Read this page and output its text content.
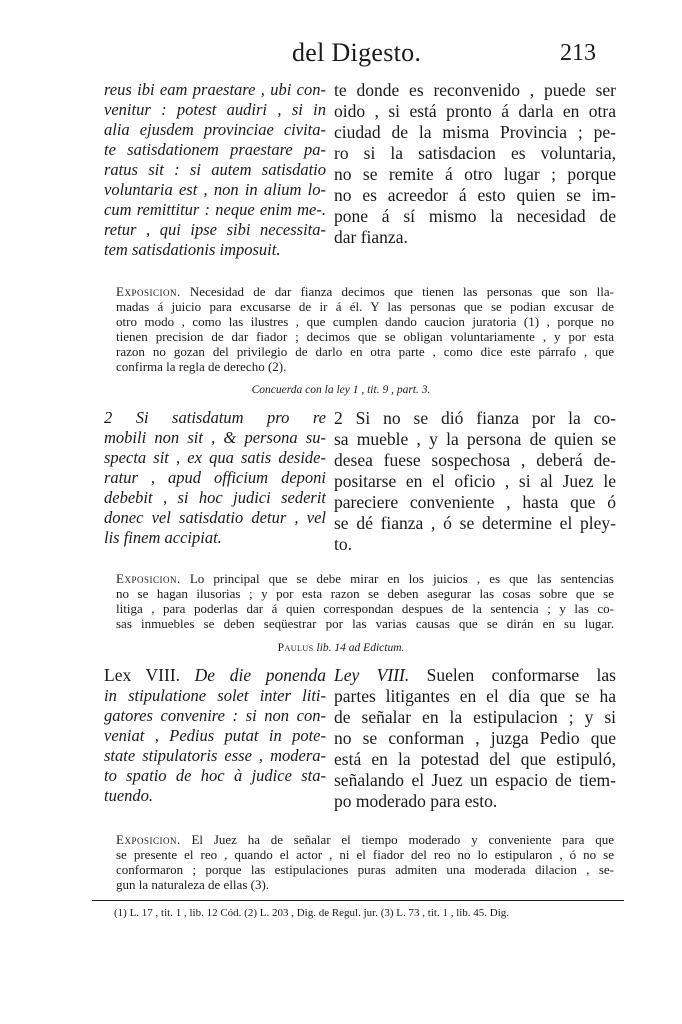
del Digesto.	213
reus ibi eam praestare , ubi con-
venitur : potest audiri , si in
alia ejusdem provinciae civita-
te satisdationem praestare pa-
ratus sit : si autem satisdatio
voluntaria est , non in alium lo-
cum remittitur : neque enim me-.
retur , qui ipse sibi necessita-
tem satisdationis imposuit.
te donde es reconvenido , puede ser
oido , si está pronto á darla en otra
ciudad de la misma Provincia ; pe-
ro si la satisdacion es voluntaria,
no se remite á otro lugar ; porque
no es acreedor á esto quien se im-
pone á sí mismo la necesidad de
dar fianza.
Exposicion. Necesidad de dar fianza decimos que tienen las personas que son lla-
madas á juicio para excusarse de ir á él. Y las personas que se podian excusar de
otro modo , como las ilustres , que cumplen dando caucion juratoria (1) , porque no
tienen precision de dar fiador ; decimos que se obligan voluntariamente , y por esta
razon no gozan del privilegio de darlo en otra parte , como dice este párrafo , que
confirma la regla de derecho (2).
Concuerda con la ley 1 , tit. 9 , part. 3.
2 Si satisdatum pro re
mobili non sit , & persona su-
specta sit , ex qua satis deside-
ratur , apud officium deponi
debebit , si hoc judici sederit
donec vel satisdatio detur , vel
lis finem accipiat.
2 Si no se dió fianza por la co-
sa mueble , y la persona de quien se
desea fuese sospechosa , deberá de-
positarse en el oficio , si al Juez le
pareciere conveniente , hasta que ó
se dé fianza , ó se determine el pley-
to.
Exposicion. Lo principal que se debe mirar en los juicios , es que las sentencias
no se hagan ilusorias ; y por esta razon se deben asegurar las cosas sobre que se
litiga , para poderlas dar á quien correspondan despues de la sentencia ; y las co-
sas inmuebles se deben seqüestrar por las varias causas que se dirán en su lugar.
Paulus lib. 14 ad Edictum.
Lex VIII. De die ponenda
in stipulatione solet inter liti-
gatores convenire : si non con-
veniat , Pedius putat in pote-
state stipulatoris esse , modera-
to spatio de hoc à judice sta-
tuendo.
Ley VIII. Suelen conformarse las
partes litigantes en el dia que se ha
de señalar en la estipulacion ; y si
no se conforman , juzga Pedio que
está en la potestad del que estipuló,
señalando el Juez un espacio de tiem-
po moderado para esto.
Exposicion. El Juez ha de señalar el tiempo moderado y conveniente para que
se presente el reo , quando el actor , ni el fiador del reo no lo estipularon , ó no se
conformaron ; porque las estipulaciones puras admiten una moderada dilacion , se-
gun la naturaleza de ellas (3).
(1) L. 17 , tit. 1 , lib. 12 Cód. (2) L. 203 , Dig. de Regul. jur. (3) L. 73 , tit. 1 , lib. 45. Dig.
